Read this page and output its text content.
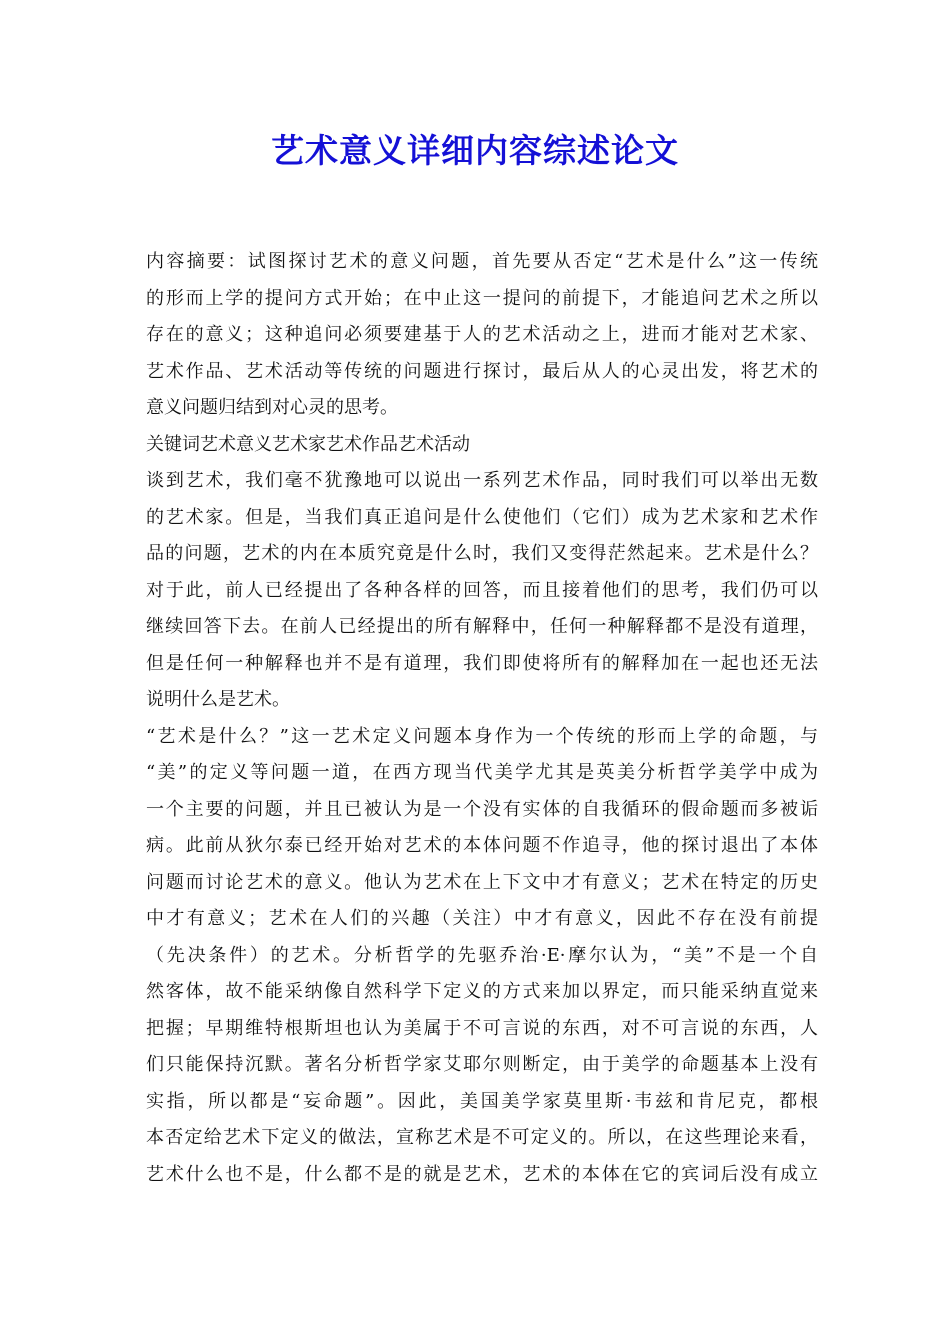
艺术意义详细内容综述论文
内容摘要：试图探讨艺术的意义问题，首先要从否定“艺术是什么”这一传统
的形而上学的提问方式开始；在中止这一提问的前提下，才能追问艺术之所以
存在的意义；这种追问必须要建基于人的艺术活动之上，进而才能对艺术家、
艺术作品、艺术活动等传统的问题进行探讨，最后从人的心灵出发，将艺术的
意义问题归结到对心灵的思考。
关键词艺术意义艺术家艺术作品艺术活动
谈到艺术，我们毫不犹豫地可以说出一系列艺术作品，同时我们可以举出无数
的艺术家。但是，当我们真正追问是什么使他们（它们）成为艺术家和艺术作
品的问题，艺术的内在本质究竟是什么时，我们又变得茫然起来。艺术是什么？
对于此，前人已经提出了各种各样的回答，而且接着他们的思考，我们仍可以
继续回答下去。在前人已经提出的所有解释中，任何一种解释都不是没有道理，
但是任何一种解释也并不是有道理，我们即使将所有的解释加在一起也还无法
说明什么是艺术。
“艺术是什么？”这一艺术定义问题本身作为一个传统的形而上学的命题，与
“美”的定义等问题一道，在西方现当代美学尤其是英美分析哲学美学中成为
一个主要的问题，并且已被认为是一个没有实体的自我循环的假命题而多被诟
病。此前从狄尔泰已经开始对艺术的本体问题不作追寻，他的探讨退出了本体
问题而讨论艺术的意义。他认为艺术在上下文中才有意义；艺术在特定的历史
中才有意义；艺术在人们的兴趣（关注）中才有意义，因此不存在没有前提
（先决条件）的艺术。分析哲学的先驱乔治·E·摩尔认为，“美”不是一个自
然客体，故不能采纳像自然科学下定义的方式来加以界定，而只能采纳直觉来
把握；早期维特根斯坦也认为美属于不可言说的东西，对不可言说的东西，人
们只能保持沉默。著名分析哲学家艾耶尔则断定，由于美学的命题基本上没有
实指，所以都是“妄命题”。因此，美国美学家莫里斯·韦兹和肯尼克，都根
本否定给艺术下定义的做法，宣称艺术是不可定义的。所以，在这些理论来看，
艺术什么也不是，什么都不是的就是艺术，艺术的本体在它的宾词后没有成立
